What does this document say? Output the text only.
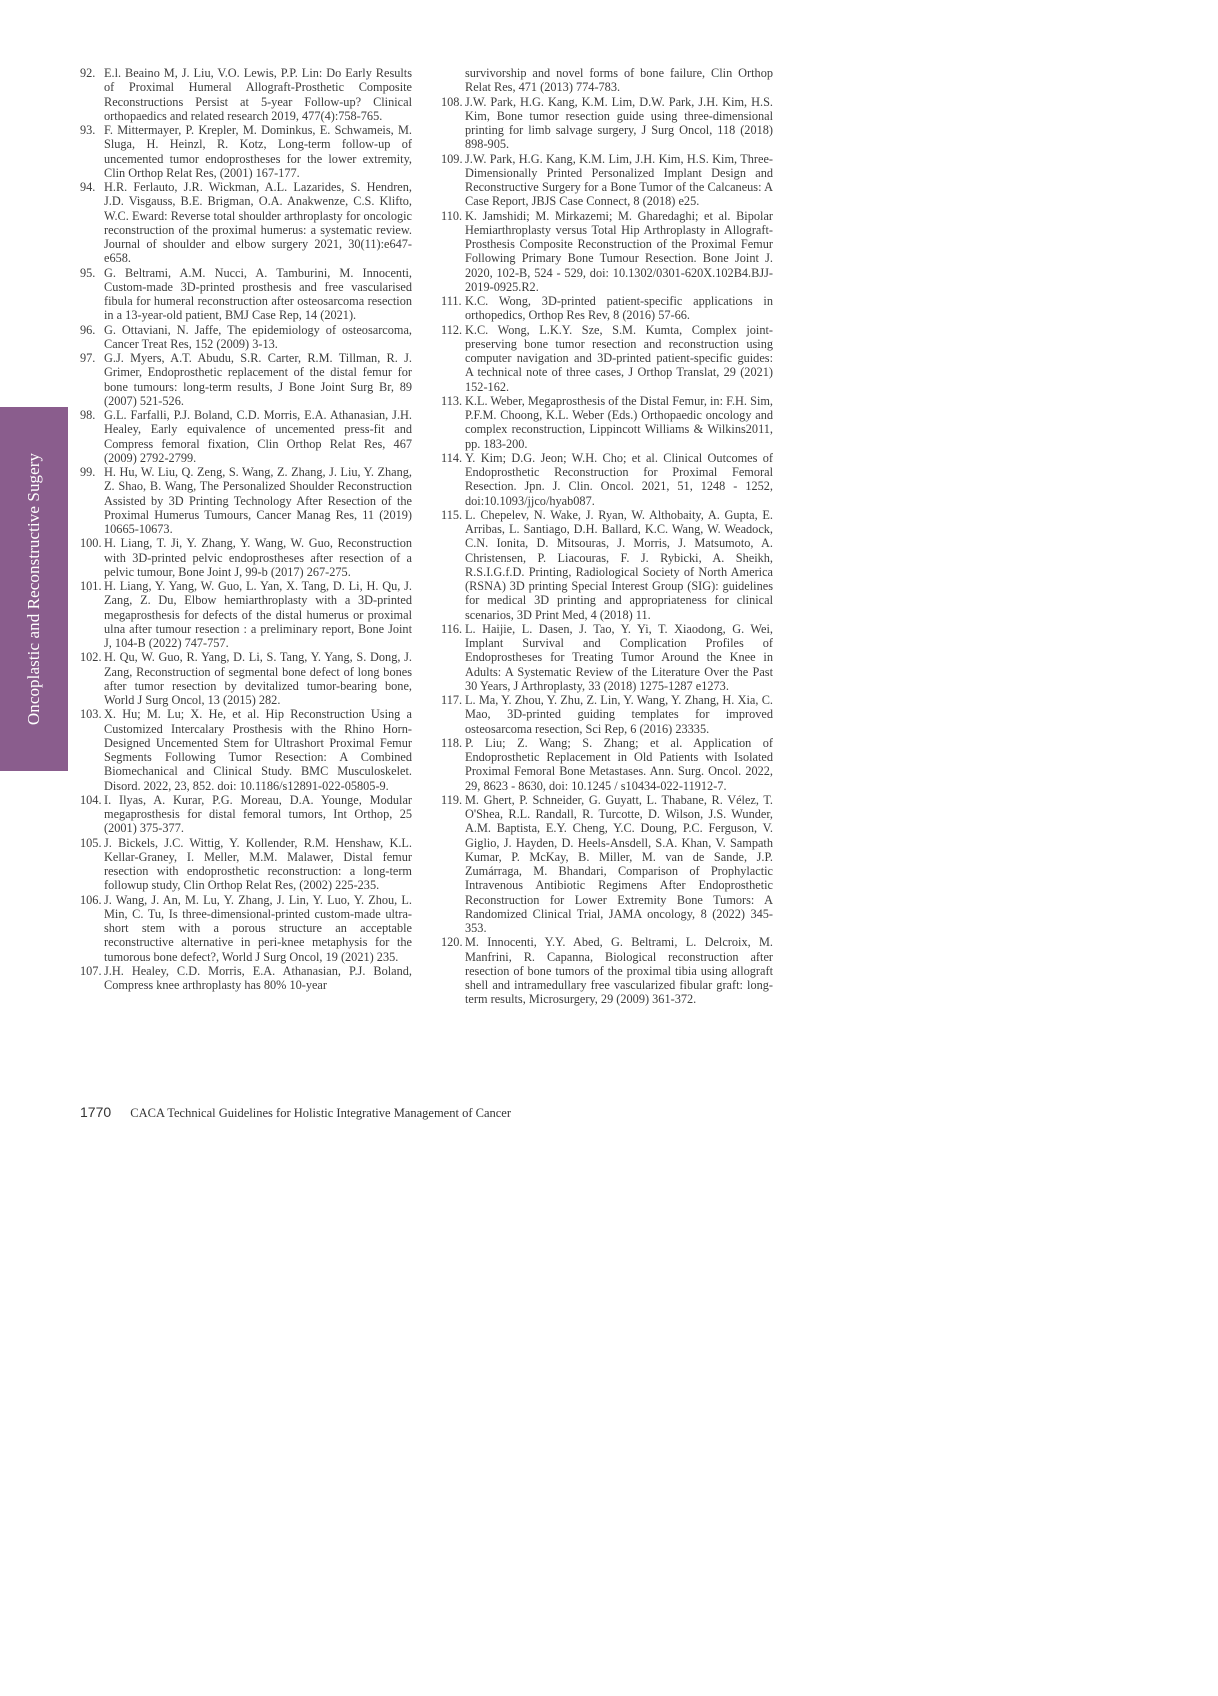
Oncoplastic and Reconstructive Sugery

92. E.l. Beaino M, J. Liu, V.O. Lewis, P.P. Lin: Do Early Results of Proximal Humeral Allograft-Prosthetic Composite Reconstructions Persist at 5-year Follow-up? Clinical orthopaedics and related research 2019, 477(4):758-765.

93. F. Mittermayer, P. Krepler, M. Dominkus, E. Schwameis, M. Sluga, H. Heinzl, R. Kotz, Long-term follow-up of uncemented tumor endoprostheses for the lower extremity, Clin Orthop Relat Res, (2001) 167-177.

94. H.R. Ferlauto, J.R. Wickman, A.L. Lazarides, S. Hendren, J.D. Visgauss, B.E. Brigman, O.A. Anakwenze, C.S. Klifto, W.C. Eward: Reverse total shoulder arthroplasty for oncologic reconstruction of the proximal humerus: a systematic review. Journal of shoulder and elbow surgery 2021, 30(11):e647-e658.

95. G. Beltrami, A.M. Nucci, A. Tamburini, M. Innocenti, Custom-made 3D-printed prosthesis and free vascularised fibula for humeral reconstruction after osteosarcoma resection in a 13-year-old patient, BMJ Case Rep, 14 (2021).

96. G. Ottaviani, N. Jaffe, The epidemiology of osteosarcoma, Cancer Treat Res, 152 (2009) 3-13.

97. G.J. Myers, A.T. Abudu, S.R. Carter, R.M. Tillman, R. J. Grimer, Endoprosthetic replacement of the distal femur for bone tumours: long-term results, J Bone Joint Surg Br, 89 (2007) 521-526.

98. G.L. Farfalli, P.J. Boland, C.D. Morris, E.A. Athanasian, J.H. Healey, Early equivalence of uncemented press-fit and Compress femoral fixation, Clin Orthop Relat Res, 467 (2009) 2792-2799.

99. H. Hu, W. Liu, Q. Zeng, S. Wang, Z. Zhang, J. Liu, Y. Zhang, Z. Shao, B. Wang, The Personalized Shoulder Reconstruction Assisted by 3D Printing Technology After Resection of the Proximal Humerus Tumours, Cancer Manag Res, 11 (2019) 10665-10673.

100. H. Liang, T. Ji, Y. Zhang, Y. Wang, W. Guo, Reconstruction with 3D-printed pelvic endoprostheses after resection of a pelvic tumour, Bone Joint J, 99-b (2017) 267-275.

101. H. Liang, Y. Yang, W. Guo, L. Yan, X. Tang, D. Li, H. Qu, J. Zang, Z. Du, Elbow hemiarthroplasty with a 3D-printed megaprosthesis for defects of the distal humerus or proximal ulna after tumour resection : a preliminary report, Bone Joint J, 104-B (2022) 747-757.

102. H. Qu, W. Guo, R. Yang, D. Li, S. Tang, Y. Yang, S. Dong, J. Zang, Reconstruction of segmental bone defect of long bones after tumor resection by devitalized tumor-bearing bone, World J Surg Oncol, 13 (2015) 282.

103. X. Hu; M. Lu; X. He, et al. Hip Reconstruction Using a Customized Intercalary Prosthesis with the Rhino Horn-Designed Uncemented Stem for Ultrashort Proximal Femur Segments Following Tumor Resection: A Combined Biomechanical and Clinical Study. BMC Musculoskelet. Disord. 2022, 23, 852. doi: 10.1186/s12891-022-05805-9.

104. I. Ilyas, A. Kurar, P.G. Moreau, D.A. Younge, Modular megaprosthesis for distal femoral tumors, Int Orthop, 25 (2001) 375-377.

105. J. Bickels, J.C. Wittig, Y. Kollender, R.M. Henshaw, K.L. Kellar-Graney, I. Meller, M.M. Malawer, Distal femur resection with endoprosthetic reconstruction: a long-term followup study, Clin Orthop Relat Res, (2002) 225-235.

106. J. Wang, J. An, M. Lu, Y. Zhang, J. Lin, Y. Luo, Y. Zhou, L. Min, C. Tu, Is three-dimensional-printed custom-made ultra-short stem with a porous structure an acceptable reconstructive alternative in peri-knee metaphysis for the tumorous bone defect?, World J Surg Oncol, 19 (2021) 235.

107. J.H. Healey, C.D. Morris, E.A. Athanasian, P.J. Boland, Compress knee arthroplasty has 80% 10-year

survivorship and novel forms of bone failure, Clin Orthop Relat Res, 471 (2013) 774-783.

108. J.W. Park, H.G. Kang, K.M. Lim, D.W. Park, J.H. Kim, H.S. Kim, Bone tumor resection guide using three-dimensional printing for limb salvage surgery, J Surg Oncol, 118 (2018) 898-905.

109. J.W. Park, H.G. Kang, K.M. Lim, J.H. Kim, H.S. Kim, Three-Dimensionally Printed Personalized Implant Design and Reconstructive Surgery for a Bone Tumor of the Calcaneus: A Case Report, JBJS Case Connect, 8 (2018) e25.

110. K. Jamshidi; M. Mirkazemi; M. Gharedaghi; et al. Bipolar Hemiarthroplasty versus Total Hip Arthroplasty in Allograft-Prosthesis Composite Reconstruction of the Proximal Femur Following Primary Bone Tumour Resection. Bone Joint J. 2020, 102-B, 524 - 529, doi: 10.1302/0301-620X.102B4.BJJ-2019-0925.R2.

111. K.C. Wong, 3D-printed patient-specific applications in orthopedics, Orthop Res Rev, 8 (2016) 57-66.

112. K.C. Wong, L.K.Y. Sze, S.M. Kumta, Complex joint-preserving bone tumor resection and reconstruction using computer navigation and 3D-printed patient-specific guides: A technical note of three cases, J Orthop Translat, 29 (2021) 152-162.

113. K.L. Weber, Megaprosthesis of the Distal Femur, in: F.H. Sim, P.F.M. Choong, K.L. Weber (Eds.) Orthopaedic oncology and complex reconstruction, Lippincott Williams & Wilkins2011, pp. 183-200.

114. Y. Kim; D.G. Jeon; W.H. Cho; et al. Clinical Outcomes of Endoprosthetic Reconstruction for Proximal Femoral Resection. Jpn. J. Clin. Oncol. 2021, 51, 1248 - 1252, doi:10.1093/jjco/hyab087.

115. L. Chepelev, N. Wake, J. Ryan, W. Althobaity, A. Gupta, E. Arribas, L. Santiago, D.H. Ballard, K.C. Wang, W. Weadock, C.N. Ionita, D. Mitsouras, J. Morris, J. Matsumoto, A. Christensen, P. Liacouras, F. J. Rybicki, A. Sheikh, R.S.I.G.f.D. Printing, Radiological Society of North America (RSNA) 3D printing Special Interest Group (SIG): guidelines for medical 3D printing and appropriateness for clinical scenarios, 3D Print Med, 4 (2018) 11.

116. L. Haijie, L. Dasen, J. Tao, Y. Yi, T. Xiaodong, G. Wei, Implant Survival and Complication Profiles of Endoprostheses for Treating Tumor Around the Knee in Adults: A Systematic Review of the Literature Over the Past 30 Years, J Arthroplasty, 33 (2018) 1275-1287 e1273.

117. L. Ma, Y. Zhou, Y. Zhu, Z. Lin, Y. Wang, Y. Zhang, H. Xia, C. Mao, 3D-printed guiding templates for improved osteosarcoma resection, Sci Rep, 6 (2016) 23335.

118. P. Liu; Z. Wang; S. Zhang; et al. Application of Endoprosthetic Replacement in Old Patients with Isolated Proximal Femoral Bone Metastases. Ann. Surg. Oncol. 2022, 29, 8623 - 8630, doi: 10.1245 / s10434-022-11912-7.

119. M. Ghert, P. Schneider, G. Guyatt, L. Thabane, R. Vélez, T. O'Shea, R.L. Randall, R. Turcotte, D. Wilson, J.S. Wunder, A.M. Baptista, E.Y. Cheng, Y.C. Doung, P.C. Ferguson, V. Giglio, J. Hayden, D. Heels-Ansdell, S.A. Khan, V. Sampath Kumar, P. McKay, B. Miller, M. van de Sande, J.P. Zumárraga, M. Bhandari, Comparison of Prophylactic Intravenous Antibiotic Regimens After Endoprosthetic Reconstruction for Lower Extremity Bone Tumors: A Randomized Clinical Trial, JAMA oncology, 8 (2022) 345-353.

120. M. Innocenti, Y.Y. Abed, G. Beltrami, L. Delcroix, M. Manfrini, R. Capanna, Biological reconstruction after resection of bone tumors of the proximal tibia using allograft shell and intramedullary free vascularized fibular graft: long-term results, Microsurgery, 29 (2009) 361-372.

1770 CACA Technical Guidelines for Holistic Integrative Management of Cancer
